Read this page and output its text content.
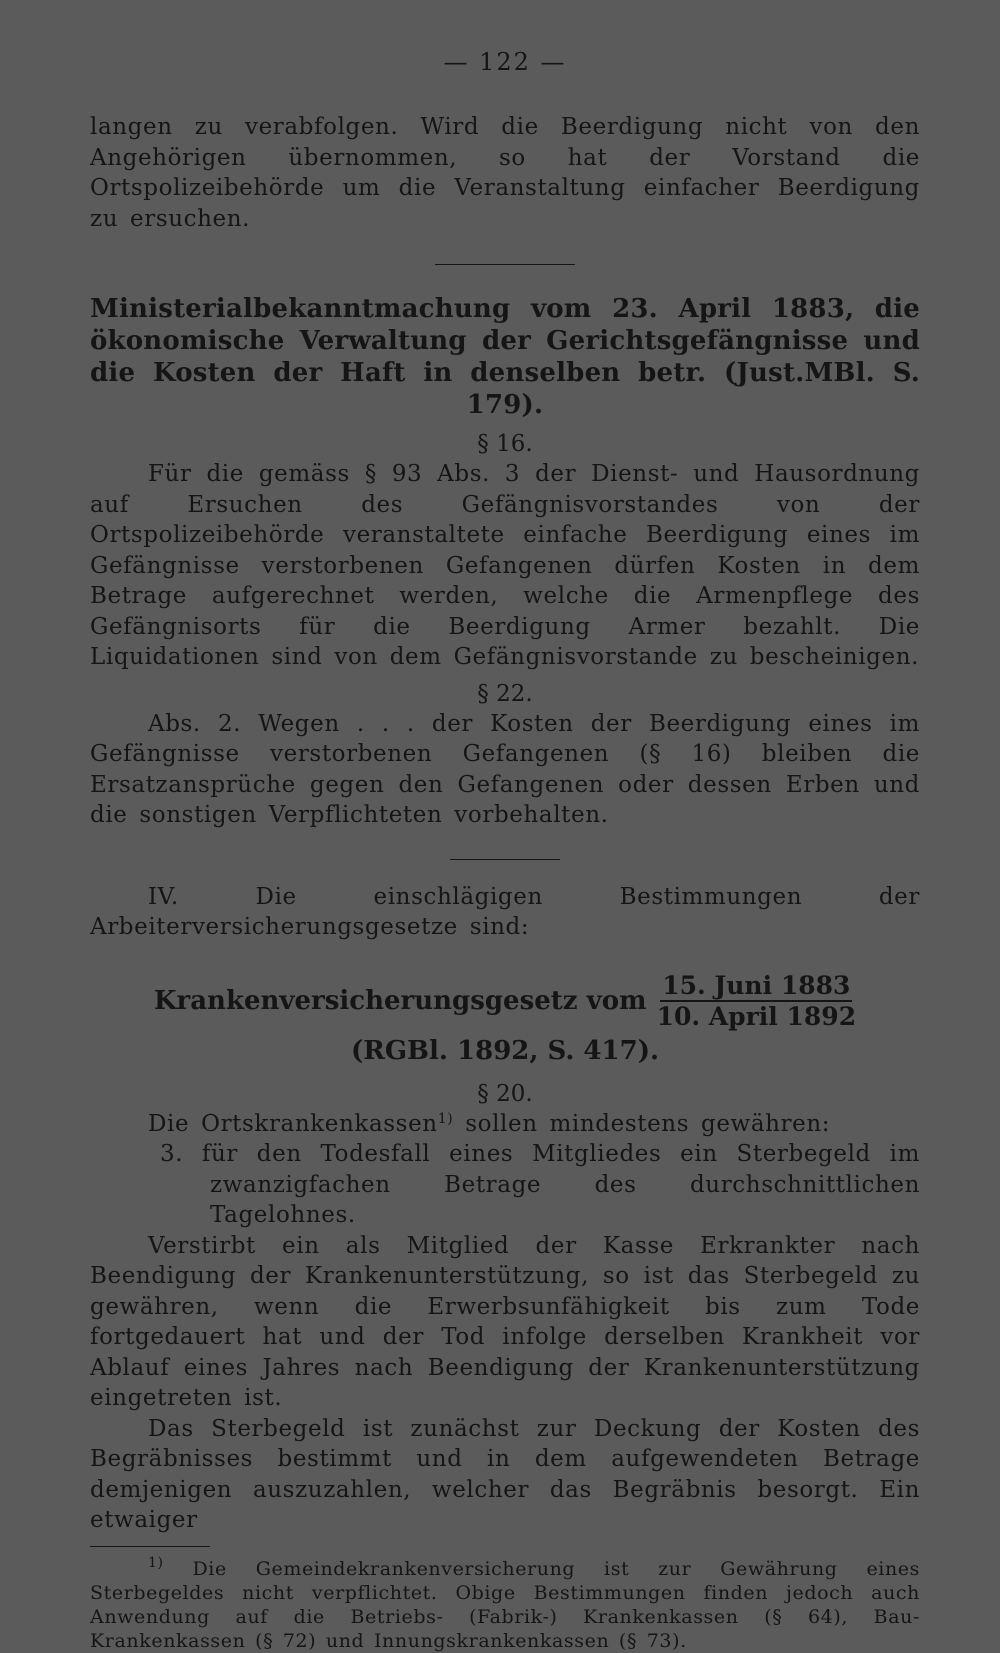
— 122 —

langen zu verabfolgen. Wird die Beerdigung nicht von den Angehörigen übernommen, so hat der Vorstand die Ortspolizeibehörde um die Veranstaltung einfacher Beerdigung zu ersuchen.

Ministerialbekanntmachung vom 23. April 1883, die ökonomische Verwaltung der Gerichtsgefängnisse und die Kosten der Haft in denselben betr. (Just.MBl. S. 179).

§ 16.

Für die gemäss § 93 Abs. 3 der Dienst- und Hausordnung auf Ersuchen des Gefängnisvorstandes von der Ortspolizeibehörde veranstaltete einfache Beerdigung eines im Gefängnisse verstorbenen Gefangenen dürfen Kosten in dem Betrage aufgerechnet werden, welche die Armenpflege des Gefängnisorts für die Beerdigung Armer bezahlt. Die Liquidationen sind von dem Gefängnisvorstande zu bescheinigen.

§ 22.

Abs. 2. Wegen . . . der Kosten der Beerdigung eines im Gefängnisse verstorbenen Gefangenen (§ 16) bleiben die Ersatzansprüche gegen den Gefangenen oder dessen Erben und die sonstigen Verpflichteten vorbehalten.

IV. Die einschlägigen Bestimmungen der Arbeiterversicherungsgesetze sind:

Krankenversicherungsgesetz vom $\frac{\text{15. Juni 1883}}{\text{10. April 1892}}$
(RGBl. 1892, S. 417).
§ 20.

Die Ortskrankenkassen$^{1)}$ sollen mindestens gewähren:

3. für den Todesfall eines Mitgliedes ein Sterbegeld im zwanzigfachen Betrage des durchschnittlichen Tagelohnes.

Verstirbt ein als Mitglied der Kasse Erkrankter nach Beendigung der Krankenunterstützung, so ist das Sterbegeld zu gewähren, wenn die Erwerbsunfähigkeit bis zum Tode fortgedauert hat und der Tod infolge derselben Krankheit vor Ablauf eines Jahres nach Beendigung der Krankenunterstützung eingetreten ist.

Das Sterbegeld ist zunächst zur Deckung der Kosten des Begräbnisses bestimmt und in dem aufgewendeten Betrage demjenigen auszuzahlen, welcher das Begräbnis besorgt. Ein etwaiger

$^{1)}$ Die Gemeindekrankenversicherung ist zur Gewährung eines Sterbegeldes nicht verpflichtet. Obige Bestimmungen finden jedoch auch Anwendung auf die Betriebs- (Fabrik-) Krankenkassen (§ 64), Bau-Krankenkassen (§ 72) und Innungskrankenkassen (§ 73).
